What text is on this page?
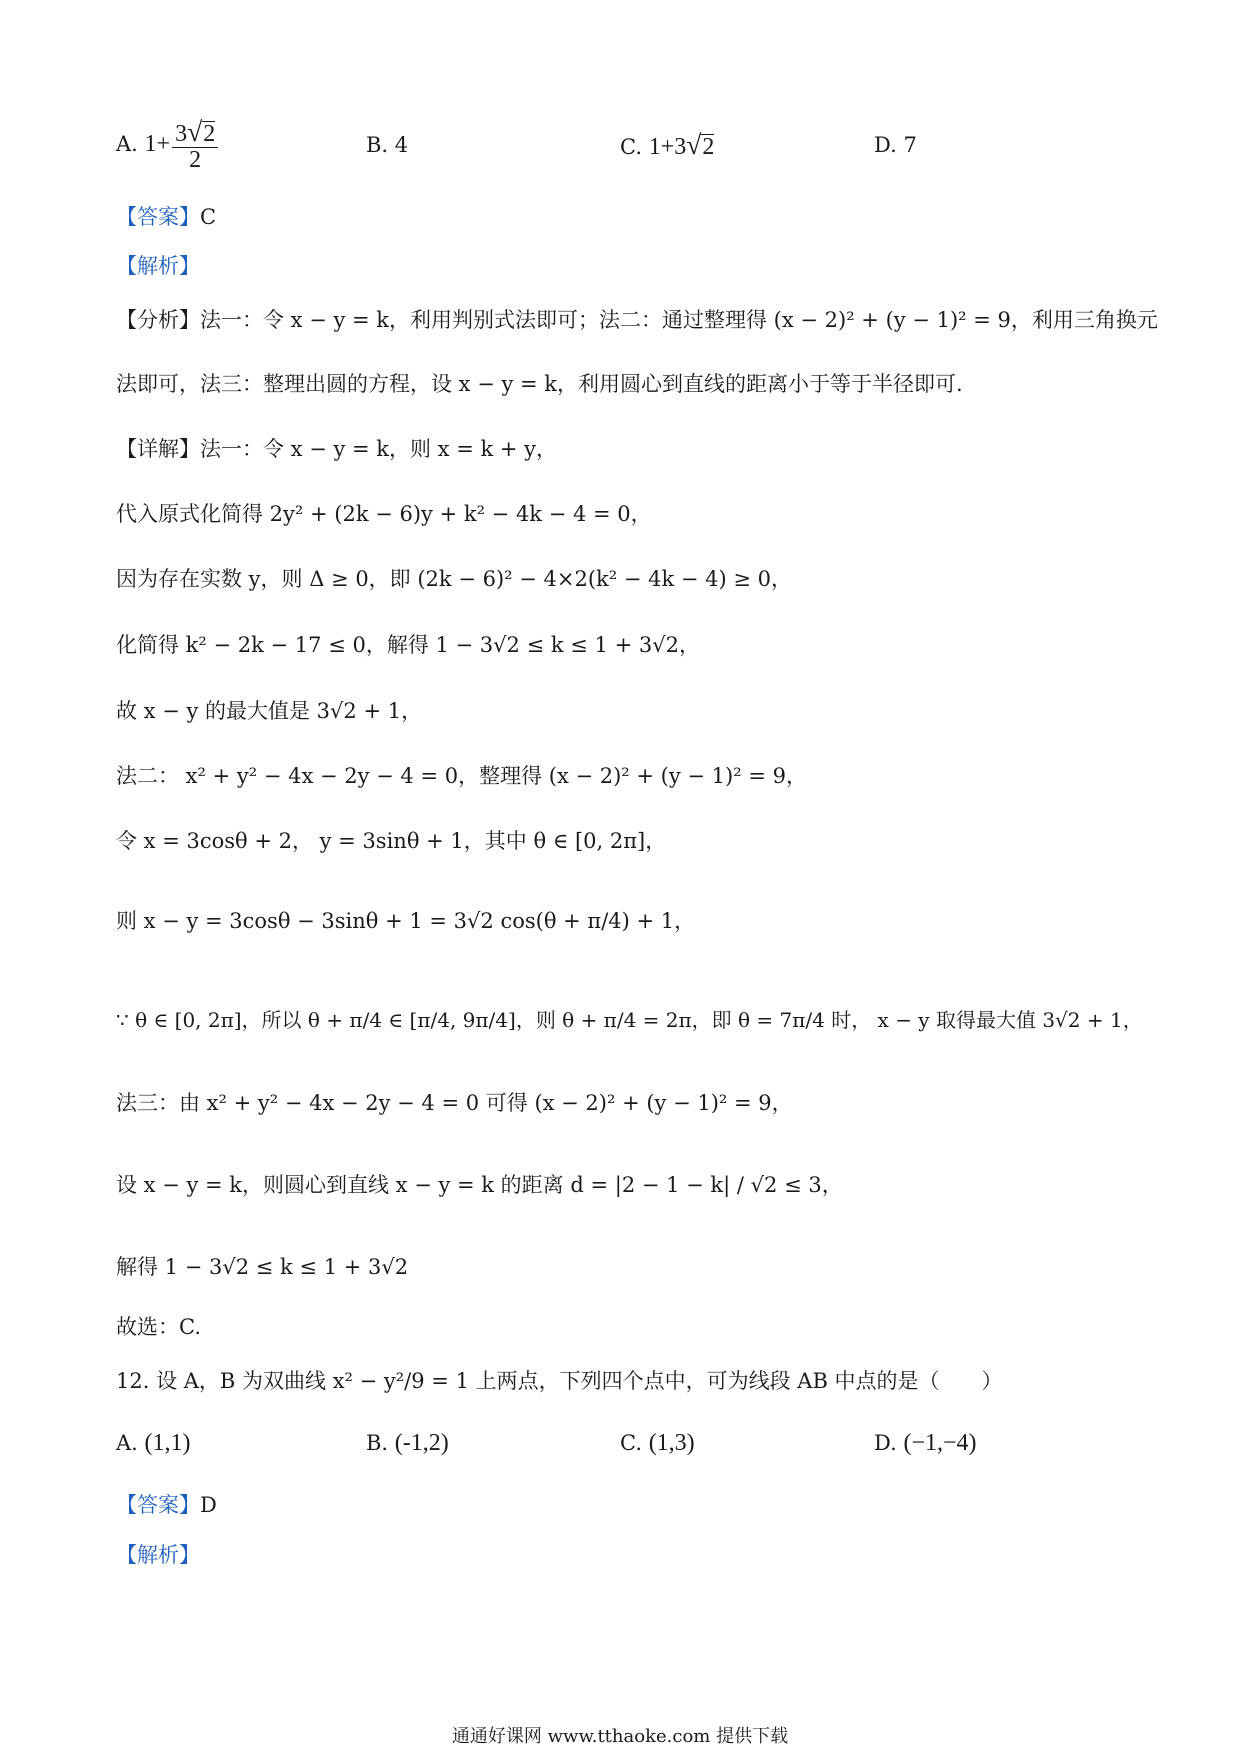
A. $1+ \frac{3√2}{2}$	B. 4	C. 1+3√2	D. 7
【答案】C
【解析】
【分析】法一：令 x − y = k，利用判别式法即可；法二：通过整理得 (x − 2)² + (y − 1)² = 9，利用三角换元
法即可，法三：整理出圆的方程，设 x − y = k，利用圆心到直线的距离小于等于半径即可.
【详解】法一：令 x − y = k，则 x = k + y，
代入原式化简得 2y² + (2k − 6)y + k² − 4k − 4 = 0，
因为存在实数 y，则 Δ ≥ 0，即 (2k − 6)² − 4×2(k² − 4k − 4) ≥ 0，
化简得 k² − 2k − 17 ≤ 0，解得 1 − 3√2 ≤ k ≤ 1 + 3√2，
故 x − y 的最大值是 3√2 + 1，
法二： x² + y² − 4x − 2y − 4 = 0，整理得 (x − 2)² + (y − 1)² = 9，
令 x = 3cosθ + 2， y = 3sinθ + 1，其中 θ ∈ [0, 2π]，
则 x − y = 3cosθ − 3sinθ + 1 = 3√2 cos(θ + π/4) + 1，
∵ θ ∈ [0, 2π]，所以 θ + π/4 ∈ [π/4, 9π/4]，则 θ + π/4 = 2π，即 θ = 7π/4 时， x − y 取得最大值 3√2 + 1，
法三：由 x² + y² − 4x − 2y − 4 = 0 可得 (x − 2)² + (y − 1)² = 9，
设 x − y = k，则圆心到直线 x − y = k 的距离 d = |2 − 1 − k| / √2 ≤ 3，
解得 1 − 3√2 ≤ k ≤ 1 + 3√2
故选：C.
12. 设 A，B 为双曲线 x² − y²/9 = 1 上两点，下列四个点中，可为线段 AB 中点的是（　　）
A. (1,1)	B. (-1,2)	C. (1,3)	D. (−1,−4)
【答案】D
【解析】
通通好课网 www.tthaoke.com 提供下载
